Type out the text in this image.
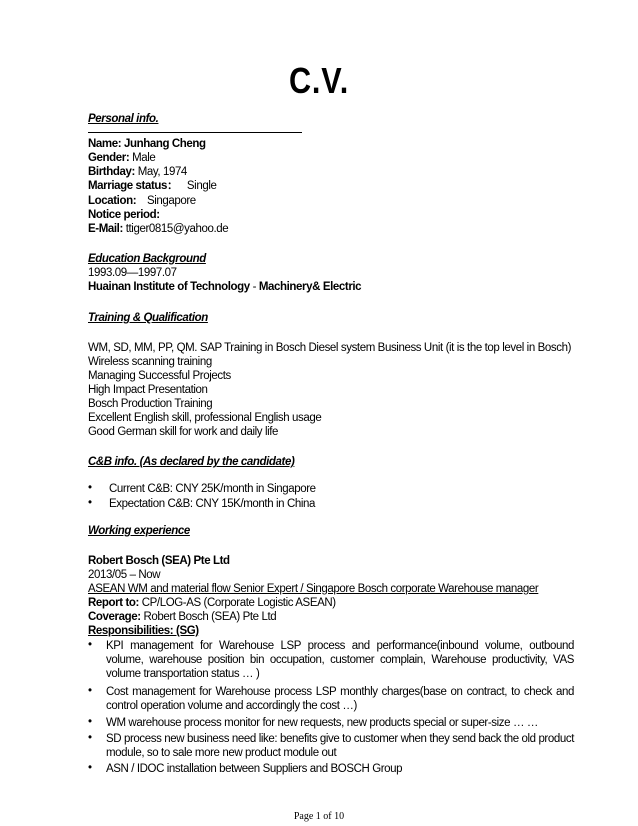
C.V.
Personal info.
Name: Junhang Cheng
Gender: Male
Birthday: May, 1974
Marriage status： Single
Location: Singapore
Notice period:
E-Mail: ttiger0815@yahoo.de
Education Background
1993.09—1997.07
Huainan Institute of Technology - Machinery& Electric
Training & Qualification
WM, SD, MM, PP, QM. SAP Training in Bosch Diesel system Business Unit (it is the top level in Bosch)
Wireless scanning training
Managing Successful Projects
High Impact Presentation
Bosch Production Training
Excellent English skill, professional English usage
Good German skill for work and daily life
C&B info. (As declared by the candidate)
• Current C&B: CNY 25K/month in Singapore
• Expectation C&B: CNY 15K/month in China
Working experience
Robert Bosch (SEA) Pte Ltd
2013/05 – Now
ASEAN WM and material flow Senior Expert / Singapore Bosch corporate Warehouse manager
Report to: CP/LOG-AS (Corporate Logistic ASEAN)
Coverage: Robert Bosch (SEA) Pte Ltd
Responsibilities: (SG)
• KPI management for Warehouse LSP process and performance(inbound volume, outbound volume, warehouse position bin occupation, customer complain, Warehouse productivity, VAS volume transportation status … )
• Cost management for Warehouse process LSP monthly charges(base on contract, to check and control operation volume and accordingly the cost …)
• WM warehouse process monitor for new requests, new products special or super-size … …
• SD process new business need like: benefits give to customer when they send back the old product module, so to sale more new product module out
• ASN / IDOC installation between Suppliers and BOSCH Group
Page 1 of 10
